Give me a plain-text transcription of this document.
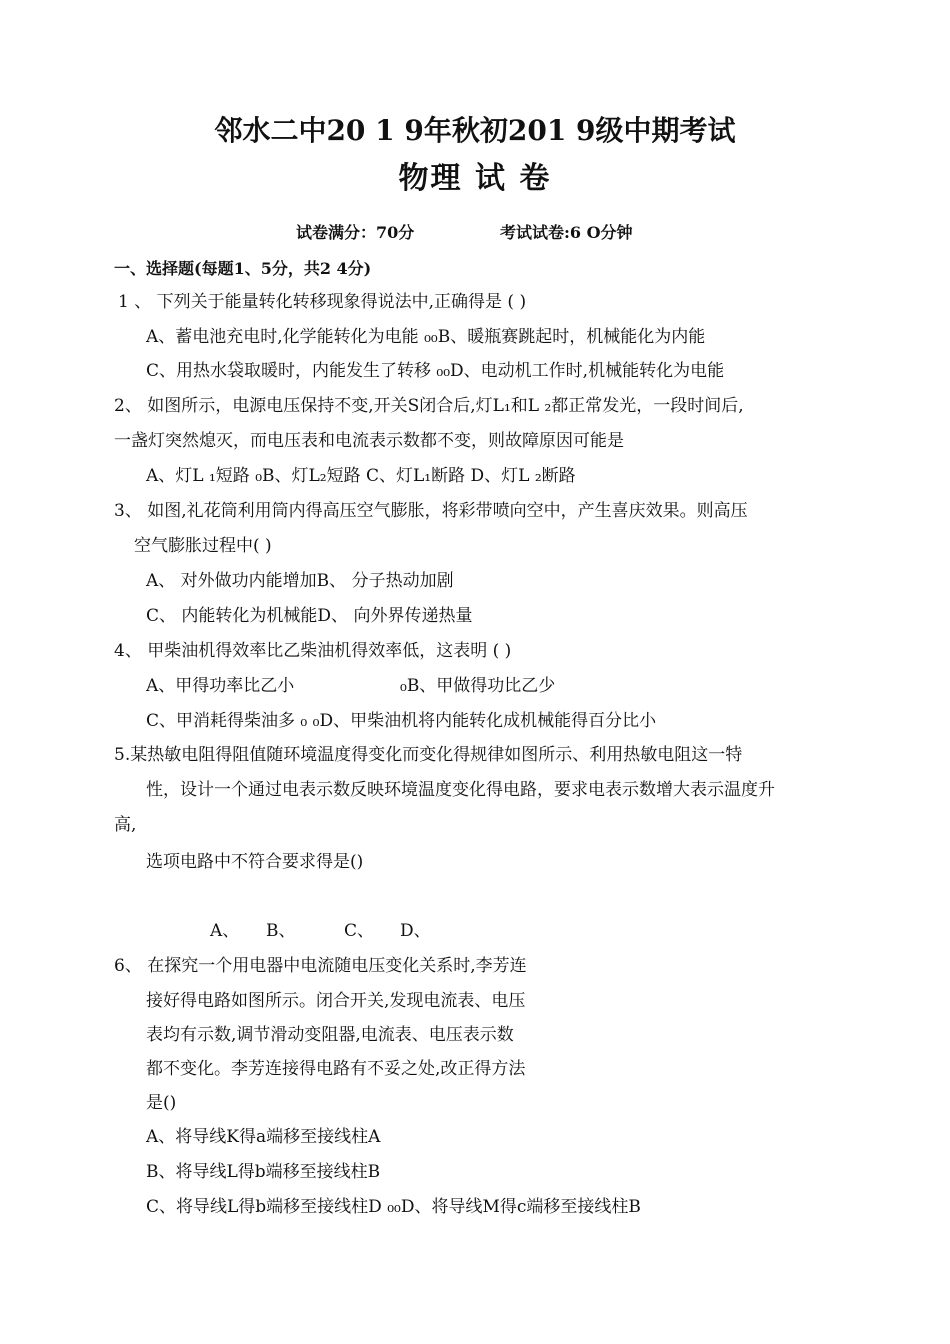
邻水二中20 1 9年秋初201 9级中期考试
物理 试 卷
试卷满分：70分	考试试卷:6 O分钟
一、选择题(每题1、5分，共2 4分)
1 、 下列关于能量转化转移现象得说法中,正确得是 ( )
A、蓄电池充电时,化学能转化为电能 ₀₀B、暖瓶赛跳起时，机械能化为内能
C、用热水袋取暖时，内能发生了转移 ₀₀D、电动机工作时,机械能转化为电能
2、 如图所示，电源电压保持不变,开关S闭合后,灯L₁和L ₂都正常发光，一段时间后,
一盏灯突然熄灭，而电压表和电流表示数都不变，则故障原因可能是
A、灯L ₁短路 ₀B、灯L₂短路 C、灯L₁断路 D、灯L ₂断路
3、 如图,礼花筒利用筒内得高压空气膨胀，将彩带喷向空中，产生喜庆效果。则高压
空气膨胀过程中( )
A、 对外做功内能增加B、 分子热动加剧
C、 内能转化为机械能D、 向外界传递热量
4、 甲柴油机得效率比乙柴油机得效率低，这表明 ( )
A、甲得功率比乙小	₀B、甲做得功比乙少
C、甲消耗得柴油多 ₀ ₀D、甲柴油机将内能转化成机械能得百分比小
5.某热敏电阻得阻值随环境温度得变化而变化得规律如图所示、利用热敏电阻这一特
性，设计一个通过电表示数反映环境温度变化得电路，要求电表示数增大表示温度升
高,
选项电路中不符合要求得是()
A、 B、	C、 D、
6、 在探究一个用电器中电流随电压变化关系时,李芳连
接好得电路如图所示。闭合开关,发现电流表、电压
表均有示数,调节滑动变阻器,电流表、电压表示数
都不变化。李芳连接得电路有不妥之处,改正得方法
是()
A、将导线K得a端移至接线柱A
B、将导线L得b端移至接线柱B
C、将导线L得b端移至接线柱D ₀₀D、将导线M得c端移至接线柱B
